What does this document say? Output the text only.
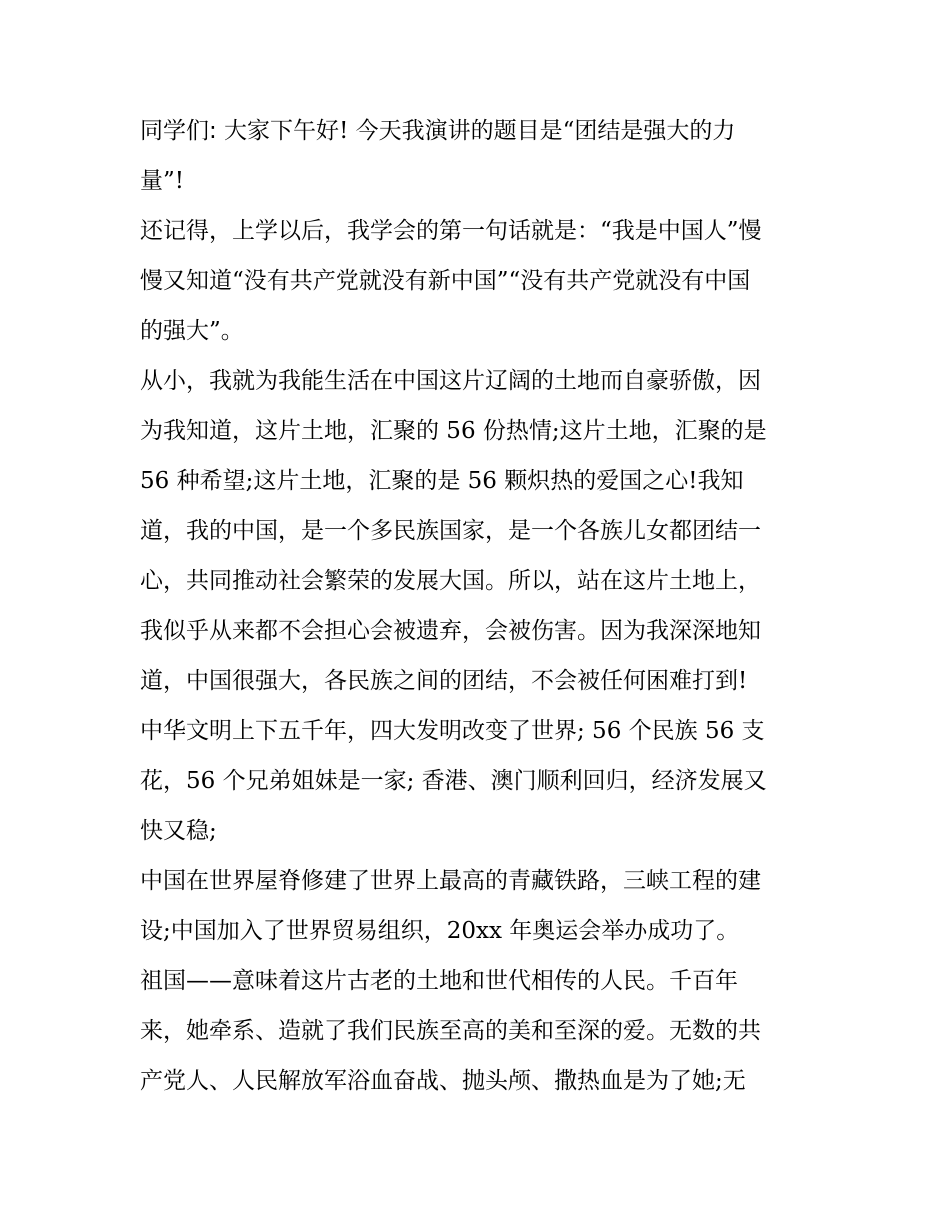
同学们: 大家下午好! 今天我演讲的题目是“团结是强大的力
量”!
还记得，上学以后，我学会的第一句话就是：“我是中国人”慢
慢又知道“没有共产党就没有新中国”“没有共产党就没有中国
的强大”。
从小，我就为我能生活在中国这片辽阔的土地而自豪骄傲，因
为我知道，这片土地，汇聚的 56 份热情;这片土地，汇聚的是
56 种希望;这片土地，汇聚的是 56 颗炽热的爱国之心!我知
道，我的中国，是一个多民族国家，是一个各族儿女都团结一
心，共同推动社会繁荣的发展大国。所以，站在这片土地上，
我似乎从来都不会担心会被遗弃，会被伤害。因为我深深地知
道，中国很强大，各民族之间的团结，不会被任何困难打到!
中华文明上下五千年，四大发明改变了世界; 56 个民族 56 支
花，56 个兄弟姐妹是一家; 香港、澳门顺利回归，经济发展又
快又稳;
中国在世界屋脊修建了世界上最高的青藏铁路，三峡工程的建
设;中国加入了世界贸易组织，20xx 年奥运会举办成功了。
祖国——意味着这片古老的土地和世代相传的人民。千百年
来，她牵系、造就了我们民族至高的美和至深的爱。无数的共
产党人、人民解放军浴血奋战、抛头颅、撒热血是为了她;无
